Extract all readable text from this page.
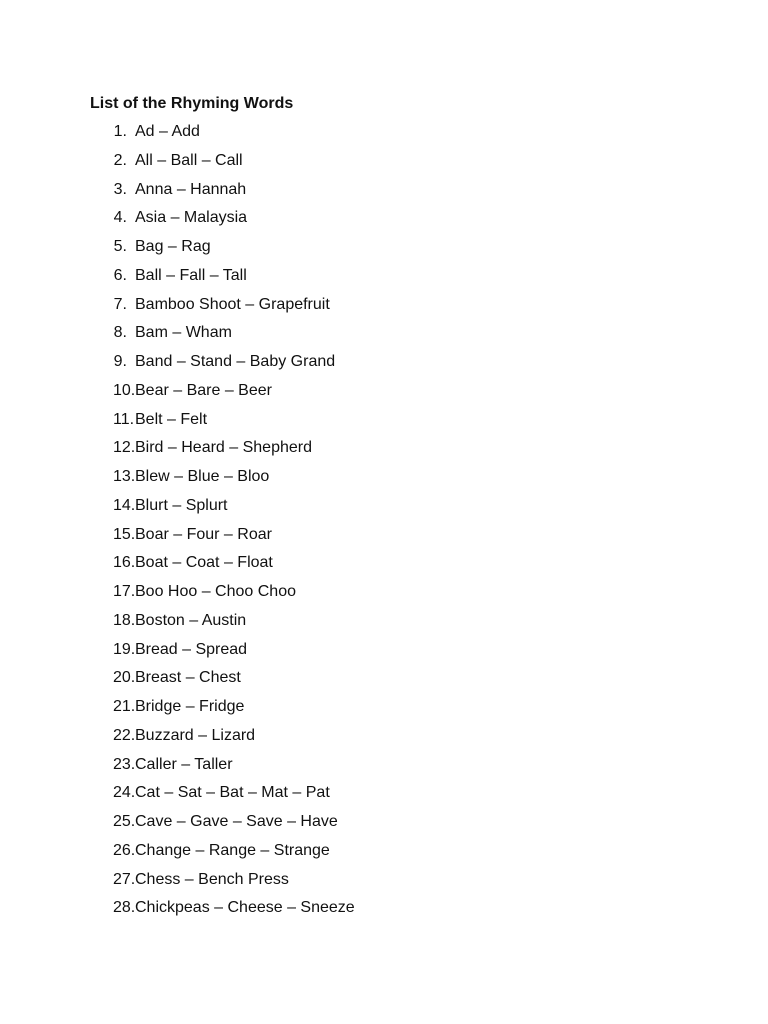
List of the Rhyming Words
1. Ad – Add
2. All – Ball – Call
3. Anna – Hannah
4. Asia – Malaysia
5. Bag – Rag
6. Ball – Fall – Tall
7. Bamboo Shoot – Grapefruit
8. Bam – Wham
9. Band – Stand – Baby Grand
10. Bear – Bare – Beer
11. Belt – Felt
12. Bird – Heard – Shepherd
13. Blew – Blue – Bloo
14. Blurt – Splurt
15. Boar – Four – Roar
16. Boat – Coat – Float
17. Boo Hoo – Choo Choo
18. Boston – Austin
19. Bread – Spread
20. Breast – Chest
21. Bridge – Fridge
22. Buzzard – Lizard
23. Caller – Taller
24. Cat – Sat – Bat – Mat – Pat
25. Cave – Gave – Save – Have
26. Change – Range – Strange
27. Chess – Bench Press
28. Chickpeas – Cheese – Sneeze
